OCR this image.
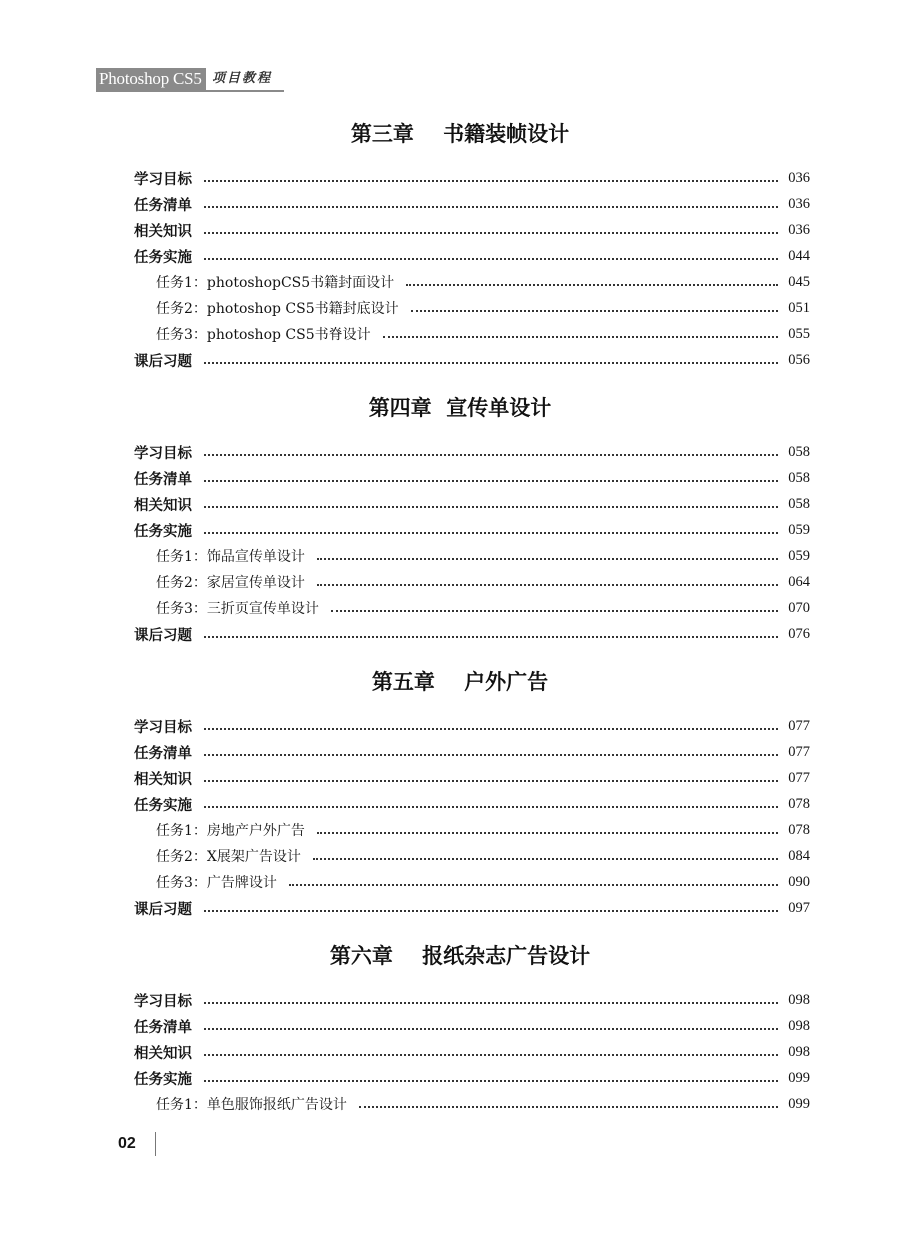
Photoshop CS5 项目教程
第三章    书籍装帧设计
学习目标	036
任务清单	036
相关知识	036
任务实施	044
任务1：photoshopCS5书籍封面设计	045
任务2：photoshop CS5书籍封底设计	051
任务3：photoshop CS5书脊设计	055
课后习题	056
第四章  宣传单设计
学习目标	058
任务清单	058
相关知识	058
任务实施	059
任务1：饰品宣传单设计	059
任务2：家居宣传单设计	064
任务3：三折页宣传单设计	070
课后习题	076
第五章    户外广告
学习目标	077
任务清单	077
相关知识	077
任务实施	078
任务1：房地产户外广告	078
任务2：X展架广告设计	084
任务3：广告牌设计	090
课后习题	097
第六章    报纸杂志广告设计
学习目标	098
任务清单	098
相关知识	098
任务实施	099
任务1：单色服饰报纸广告设计	099
02
